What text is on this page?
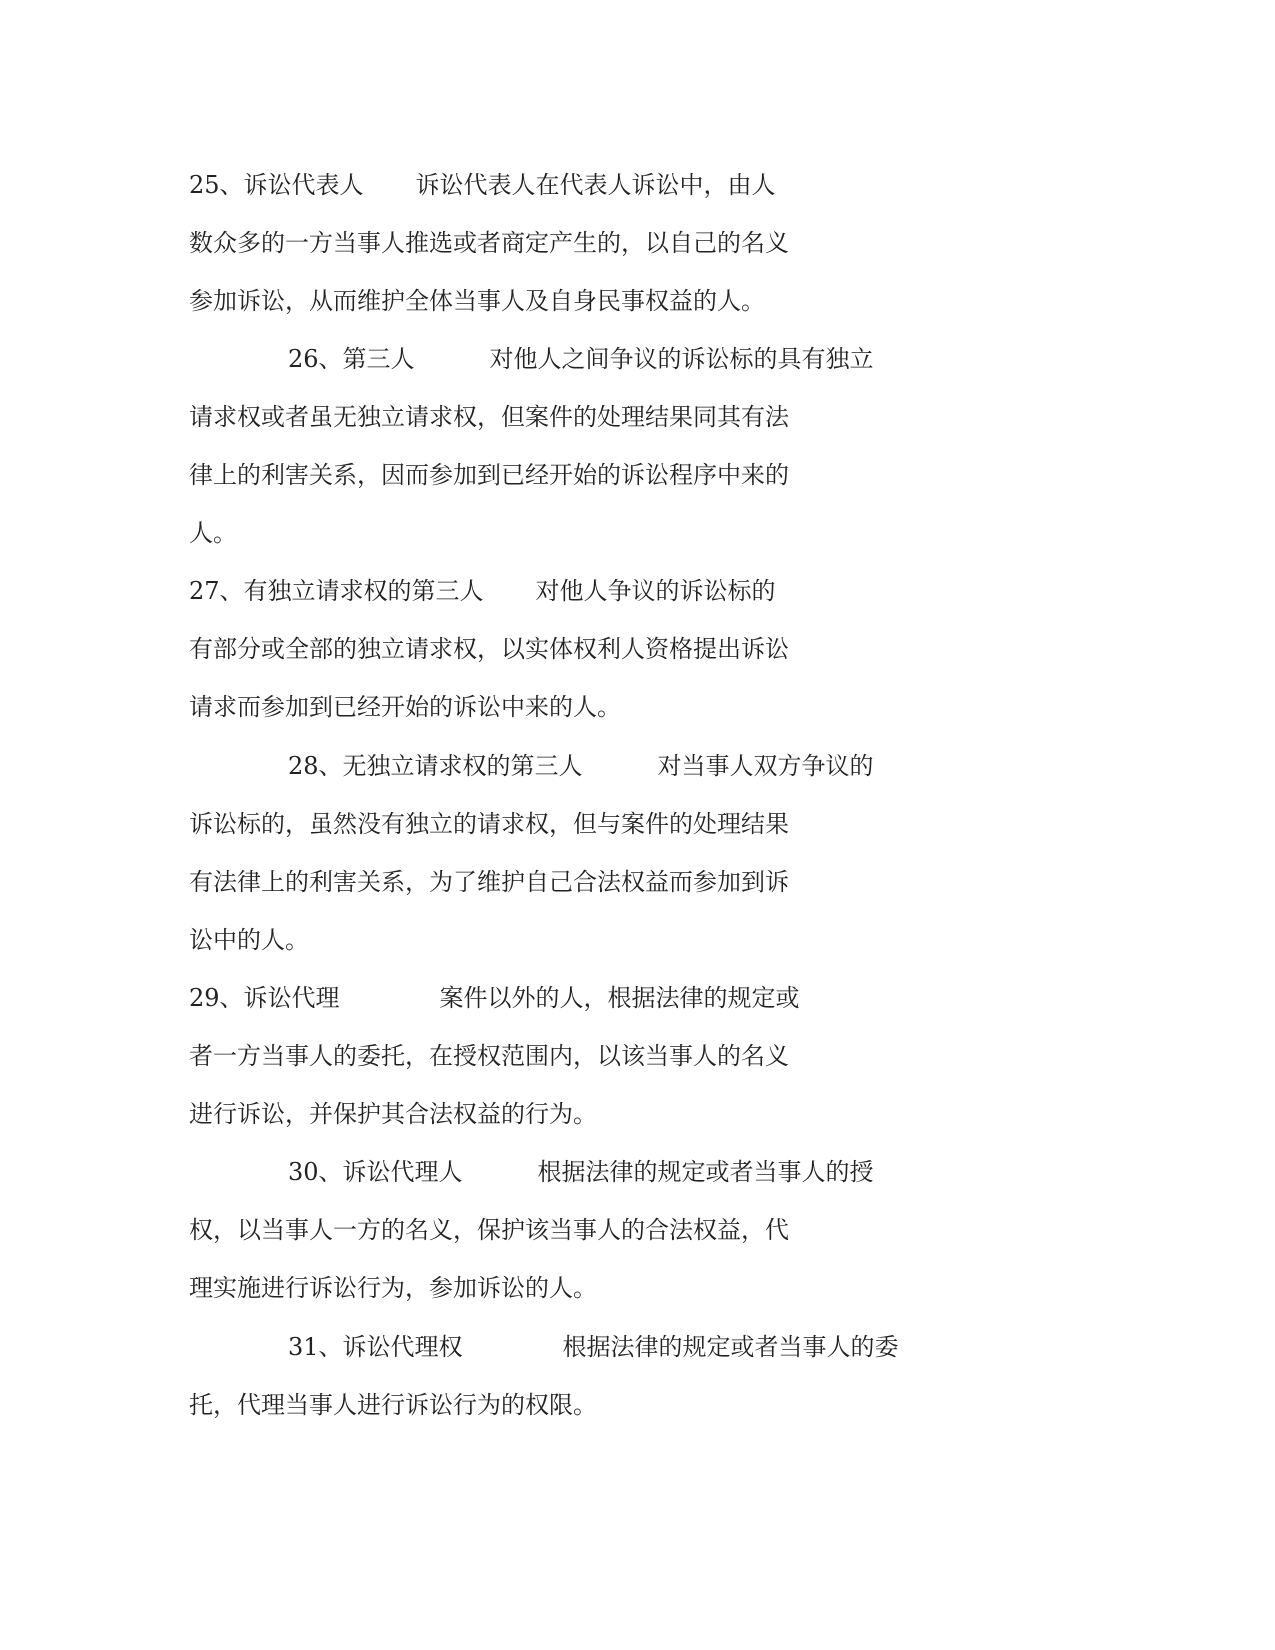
25、诉讼代表人 诉讼代表人在代表人诉讼中，由人
数众多的一方当事人推选或者商定产生的，以自己的名义
参加诉讼，从而维护全体当事人及自身民事权益的人。
26、第三人	对他人之间争议的诉讼标的具有独立
请求权或者虽无独立请求权，但案件的处理结果同其有法
律上的利害关系，因而参加到已经开始的诉讼程序中来的
人。
27、有独立请求权的第三人 对他人争议的诉讼标的
有部分或全部的独立请求权，以实体权利人资格提出诉讼
请求而参加到已经开始的诉讼中来的人。
28、无独立请求权的第三人	对当事人双方争议的
诉讼标的，虽然没有独立的请求权，但与案件的处理结果
有法律上的利害关系，为了维护自己合法权益而参加到诉
讼中的人。
29、诉讼代理	案件以外的人，根据法律的规定或
者一方当事人的委托，在授权范围内，以该当事人的名义
进行诉讼，并保护其合法权益的行为。
30、诉讼代理人	根据法律的规定或者当事人的授
权，以当事人一方的名义，保护该当事人的合法权益，代
理实施进行诉讼行为，参加诉讼的人。
31、诉讼代理权	根据法律的规定或者当事人的委
托，代理当事人进行诉讼行为的权限。
